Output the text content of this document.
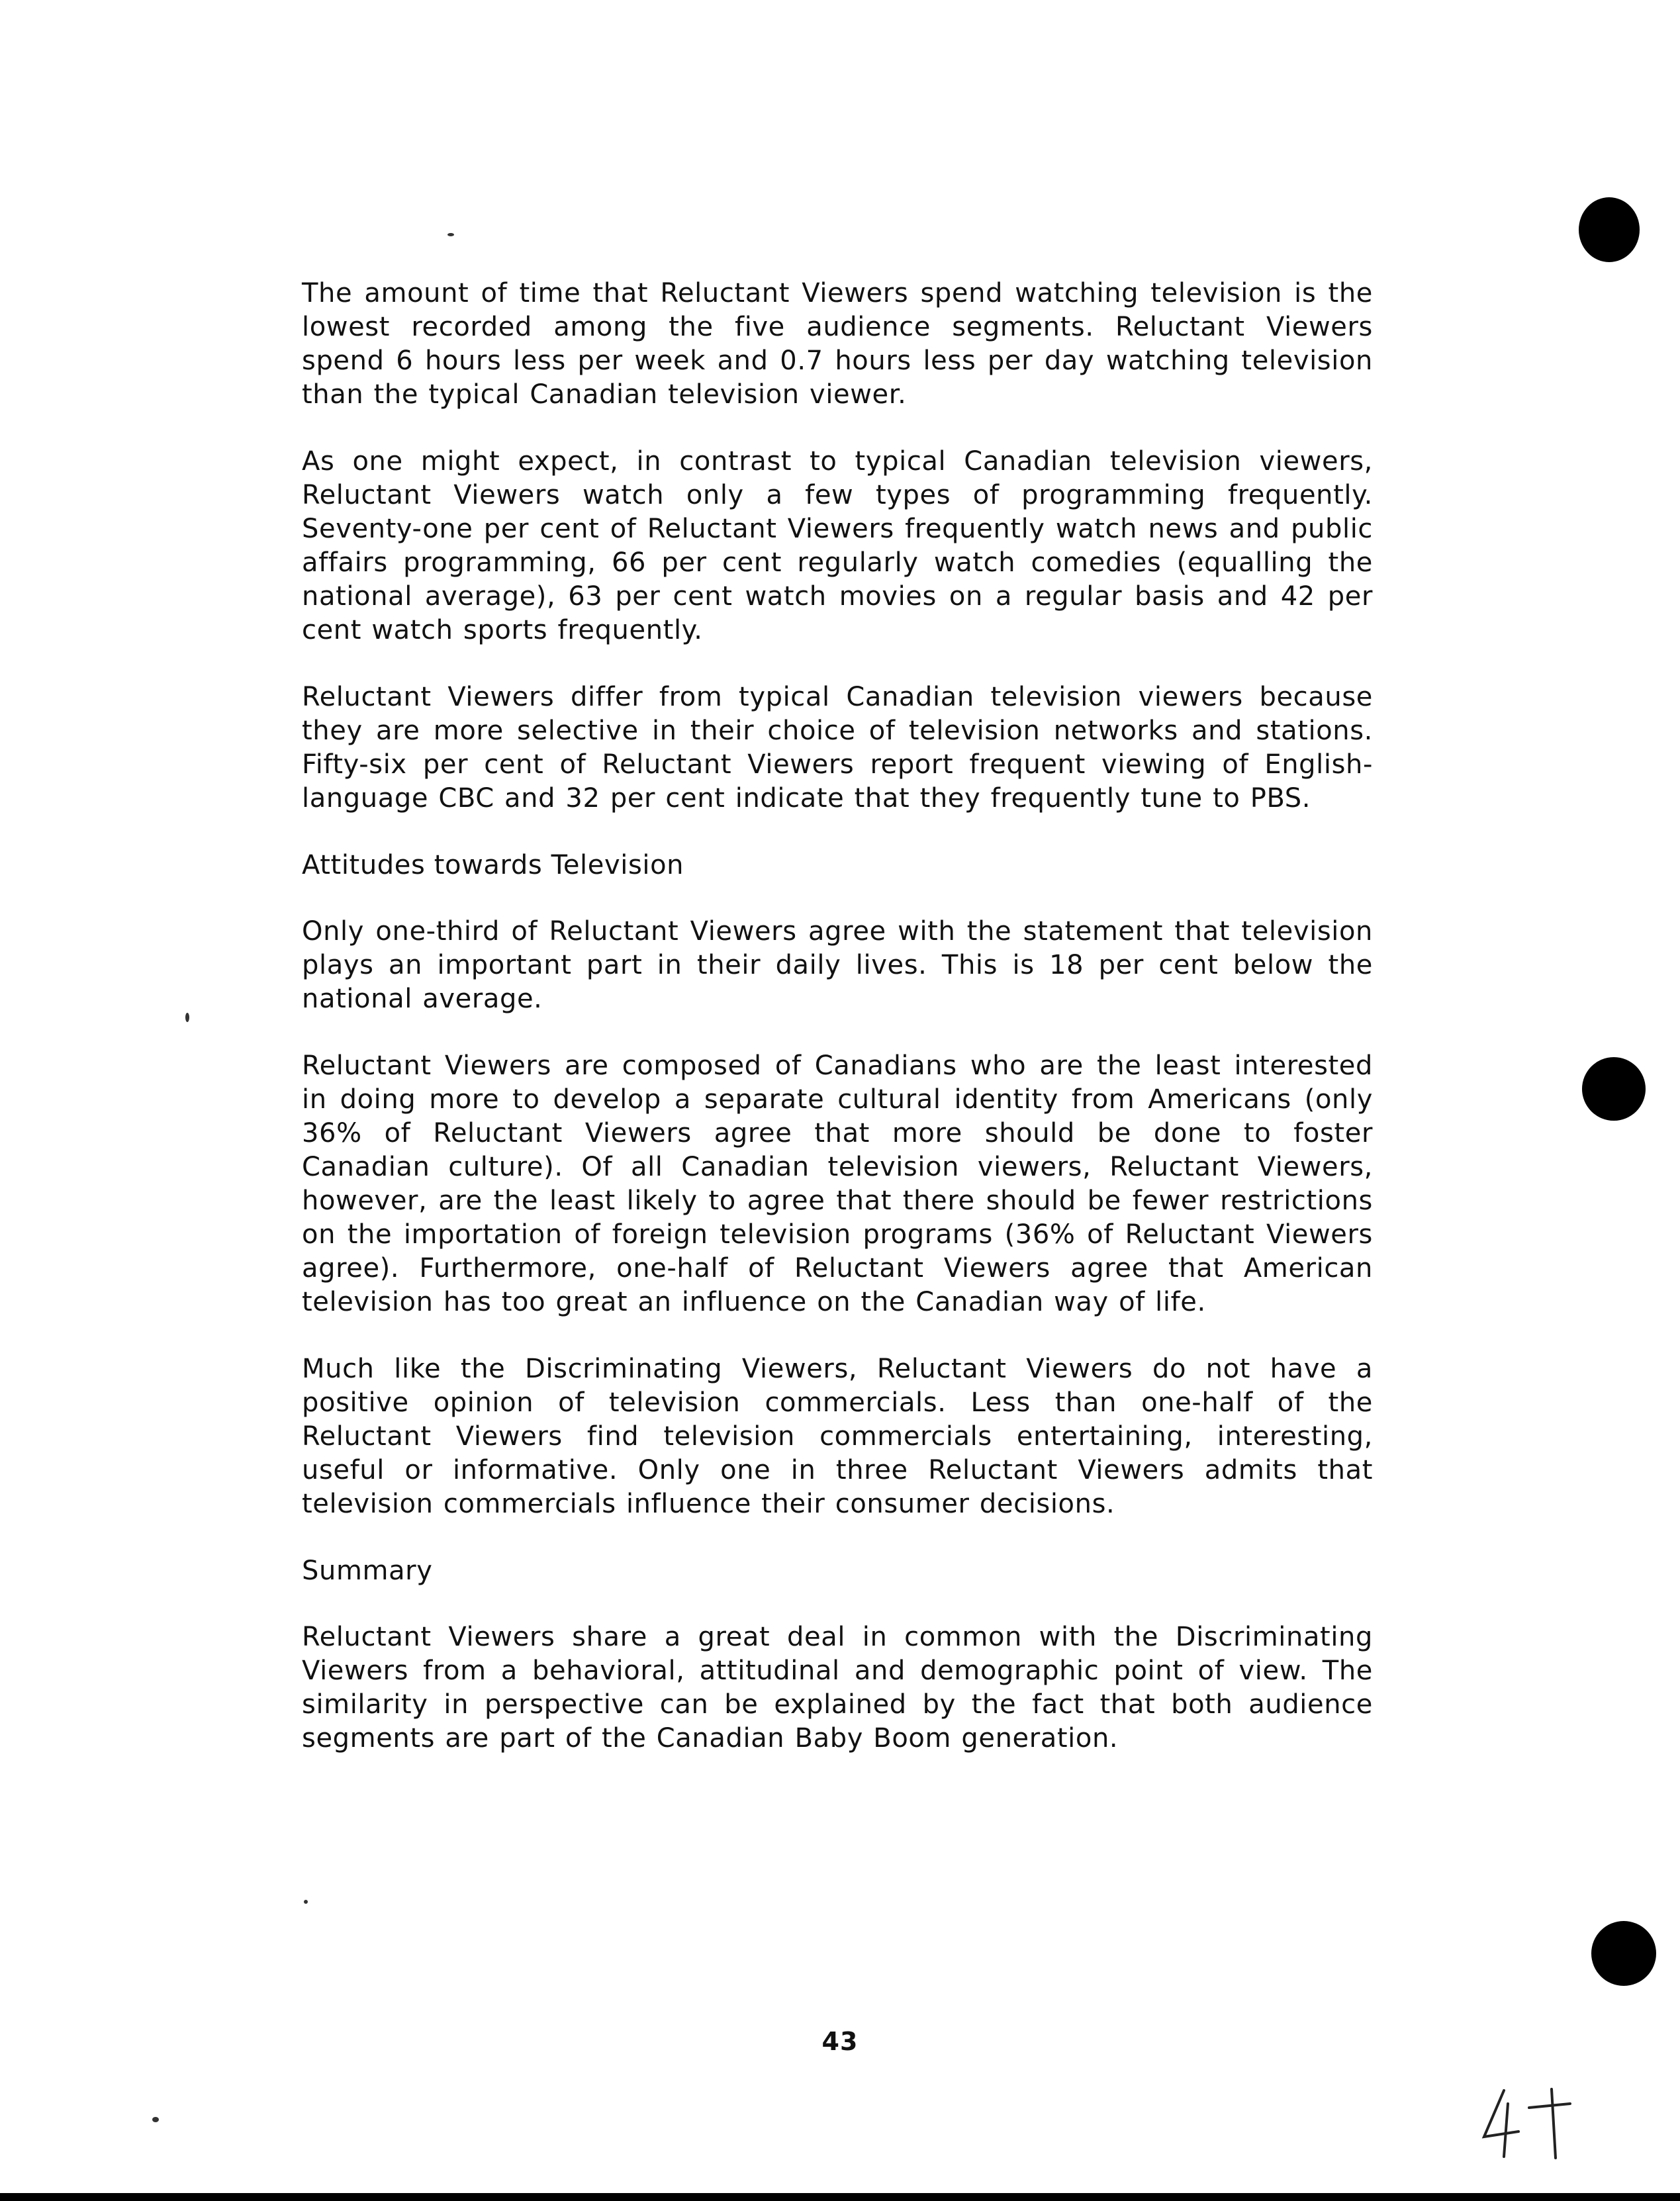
The amount of time that Reluctant Viewers spend watching television is the lowest recorded among the five audience segments. Reluctant Viewers spend 6 hours less per week and 0.7 hours less per day watching television than the typical Canadian television viewer.

As one might expect, in contrast to typical Canadian television viewers, Reluctant Viewers watch only a few types of programming frequently. Seventy-one per cent of Reluctant Viewers frequently watch news and public affairs programming, 66 per cent regularly watch comedies (equalling the national average), 63 per cent watch movies on a regular basis and 42 per cent watch sports frequently.

Reluctant Viewers differ from typical Canadian television viewers because they are more selective in their choice of television networks and stations. Fifty-six per cent of Reluctant Viewers report frequent viewing of English-language CBC and 32 per cent indicate that they frequently tune to PBS.

Attitudes towards Television

Only one-third of Reluctant Viewers agree with the statement that television plays an important part in their daily lives. This is 18 per cent below the national average.

Reluctant Viewers are composed of Canadians who are the least interested in doing more to develop a separate cultural identity from Americans (only 36% of Reluctant Viewers agree that more should be done to foster Canadian culture). Of all Canadian television viewers, Reluctant Viewers, however, are the least likely to agree that there should be fewer restrictions on the importation of foreign television programs (36% of Reluctant Viewers agree). Furthermore, one-half of Reluctant Viewers agree that American television has too great an influence on the Canadian way of life.

Much like the Discriminating Viewers, Reluctant Viewers do not have a positive opinion of television commercials. Less than one-half of the Reluctant Viewers find television commercials entertaining, interesting, useful or informative. Only one in three Reluctant Viewers admits that television commercials influence their consumer decisions.

Summary

Reluctant Viewers share a great deal in common with the Discriminating Viewers from a behavioral, attitudinal and demographic point of view. The similarity in perspective can be explained by the fact that both audience segments are part of the Canadian Baby Boom generation.

43
